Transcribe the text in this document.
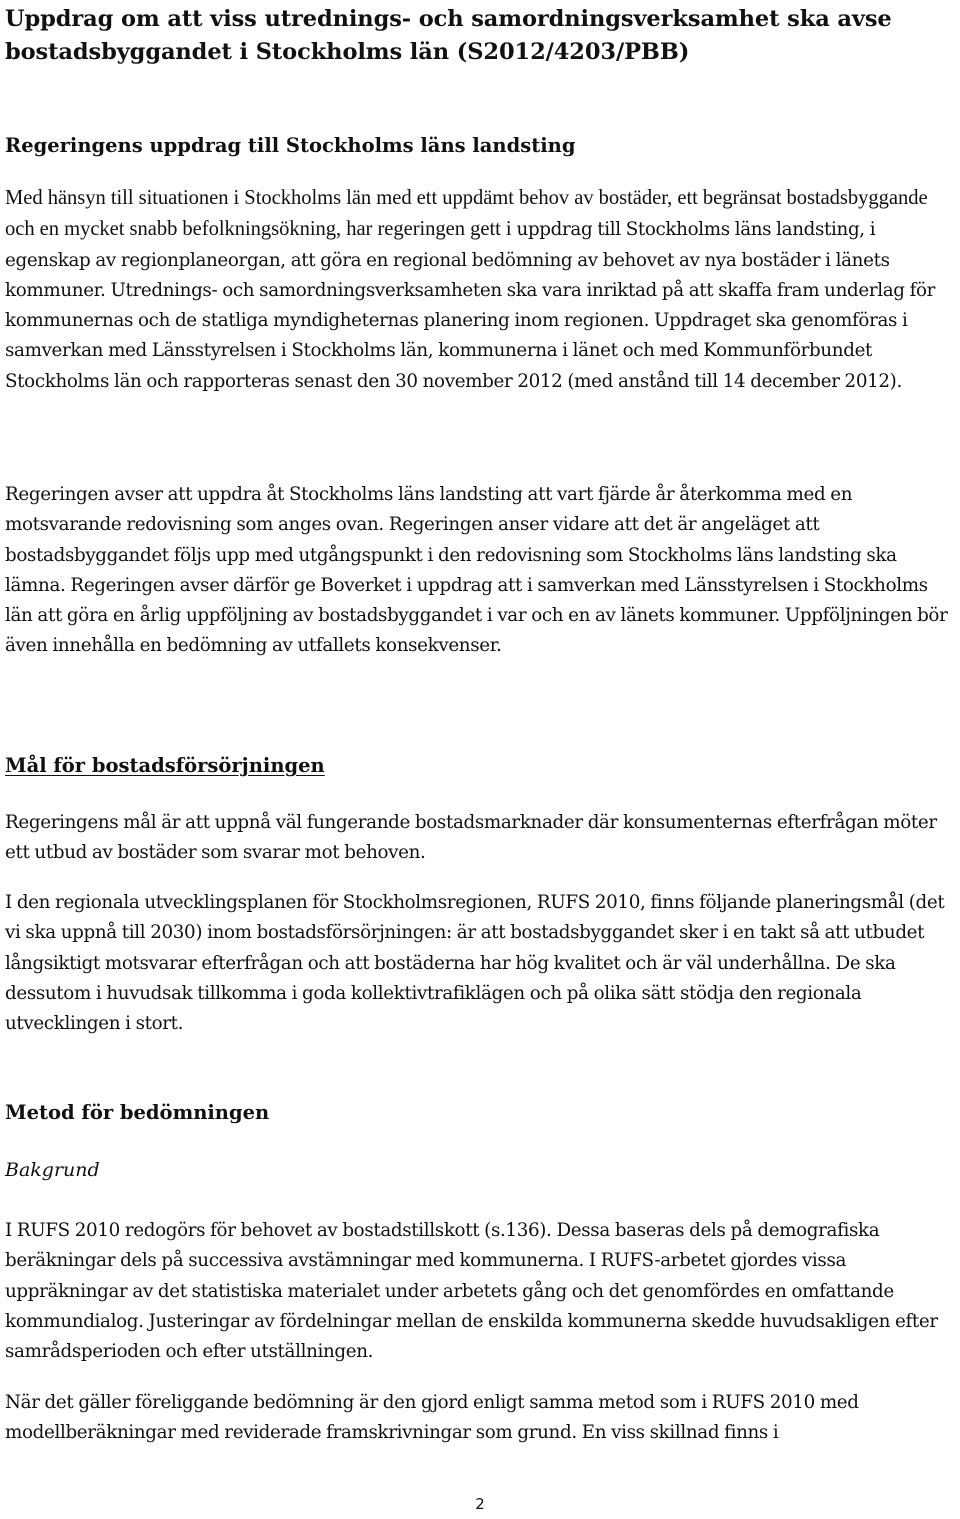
Uppdrag om att viss utrednings- och samordningsverksamhet ska avse bostadsbyggandet i Stockholms län (S2012/4203/PBB)
Regeringens uppdrag till Stockholms läns landsting

Med hänsyn till situationen i Stockholms län med ett uppdämt behov av bostäder, ett begränsat bostadsbyggande och en mycket snabb befolkningsökning, har regeringen gett i uppdrag till Stockholms läns landsting, i egenskap av regionplaneorgan, att göra en regional bedömning av behovet av nya bostäder i länets kommuner. Utrednings- och samordningsverksamheten ska vara inriktad på att skaffa fram underlag för kommunernas och de statliga myndigheternas planering inom regionen. Uppdraget ska genomföras i samverkan med Länsstyrelsen i Stockholms län, kommunerna i länet och med Kommunförbundet Stockholms län och rapporteras senast den 30 november 2012 (med anstånd till 14 december 2012).

Regeringen avser att uppdra åt Stockholms läns landsting att vart fjärde år återkomma med en motsvarande redovisning som anges ovan. Regeringen anser vidare att det är angeläget att bostadsbyggandet följs upp med utgångspunkt i den redovisning som Stockholms läns landsting ska lämna. Regeringen avser därför ge Boverket i uppdrag att i samverkan med Länsstyrelsen i Stockholms län att göra en årlig uppföljning av bostadsbyggandet i var och en av länets kommuner. Uppföljningen bör även innehålla en bedömning av utfallets konsekvenser.

Mål för bostadsförsörjningen

Regeringens mål är att uppnå väl fungerande bostadsmarknader där konsumenternas efterfrågan möter ett utbud av bostäder som svarar mot behoven.

I den regionala utvecklingsplanen för Stockholmsregionen, RUFS 2010, finns följande planeringsmål (det vi ska uppnå till 2030) inom bostadsförsörjningen: är att bostadsbyggandet sker i en takt så att utbudet långsiktigt motsvarar efterfrågan och att bostäderna har hög kvalitet och är väl underhållna. De ska dessutom i huvudsak tillkomma i goda kollektivtrafiklägen och på olika sätt stödja den regionala utvecklingen i stort.

Metod för bedömningen
Bakgrund

I RUFS 2010 redogörs för behovet av bostadstillskott (s.136). Dessa baseras dels på demografiska beräkningar dels på successiva avstämningar med kommunerna. I RUFS-arbetet gjordes vissa uppräkningar av det statistiska materialet under arbetets gång och det genomfördes en omfattande kommundialog. Justeringar av fördelningar mellan de enskilda kommunerna skedde huvudsakligen efter samrådsperioden och efter utställningen.

När det gäller föreliggande bedömning är den gjord enligt samma metod som i RUFS 2010 med modellberäkningar med reviderade framskrivningar som grund. En viss skillnad finns i

2
